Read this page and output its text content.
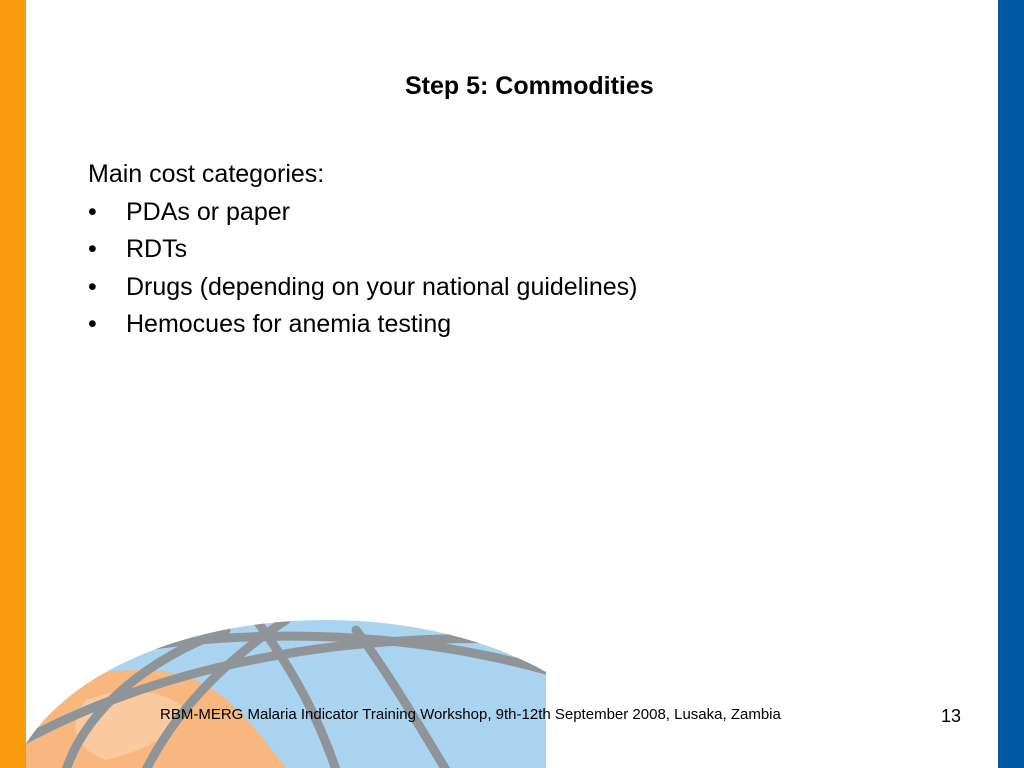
Step 5: Commodities
Main cost categories:
• PDAs or paper
• RDTs
• Drugs (depending on your national guidelines)
• Hemocues for anemia testing
RBM-MERG Malaria Indicator Training Workshop, 9th-12th September 2008, Lusaka, Zambia	13
